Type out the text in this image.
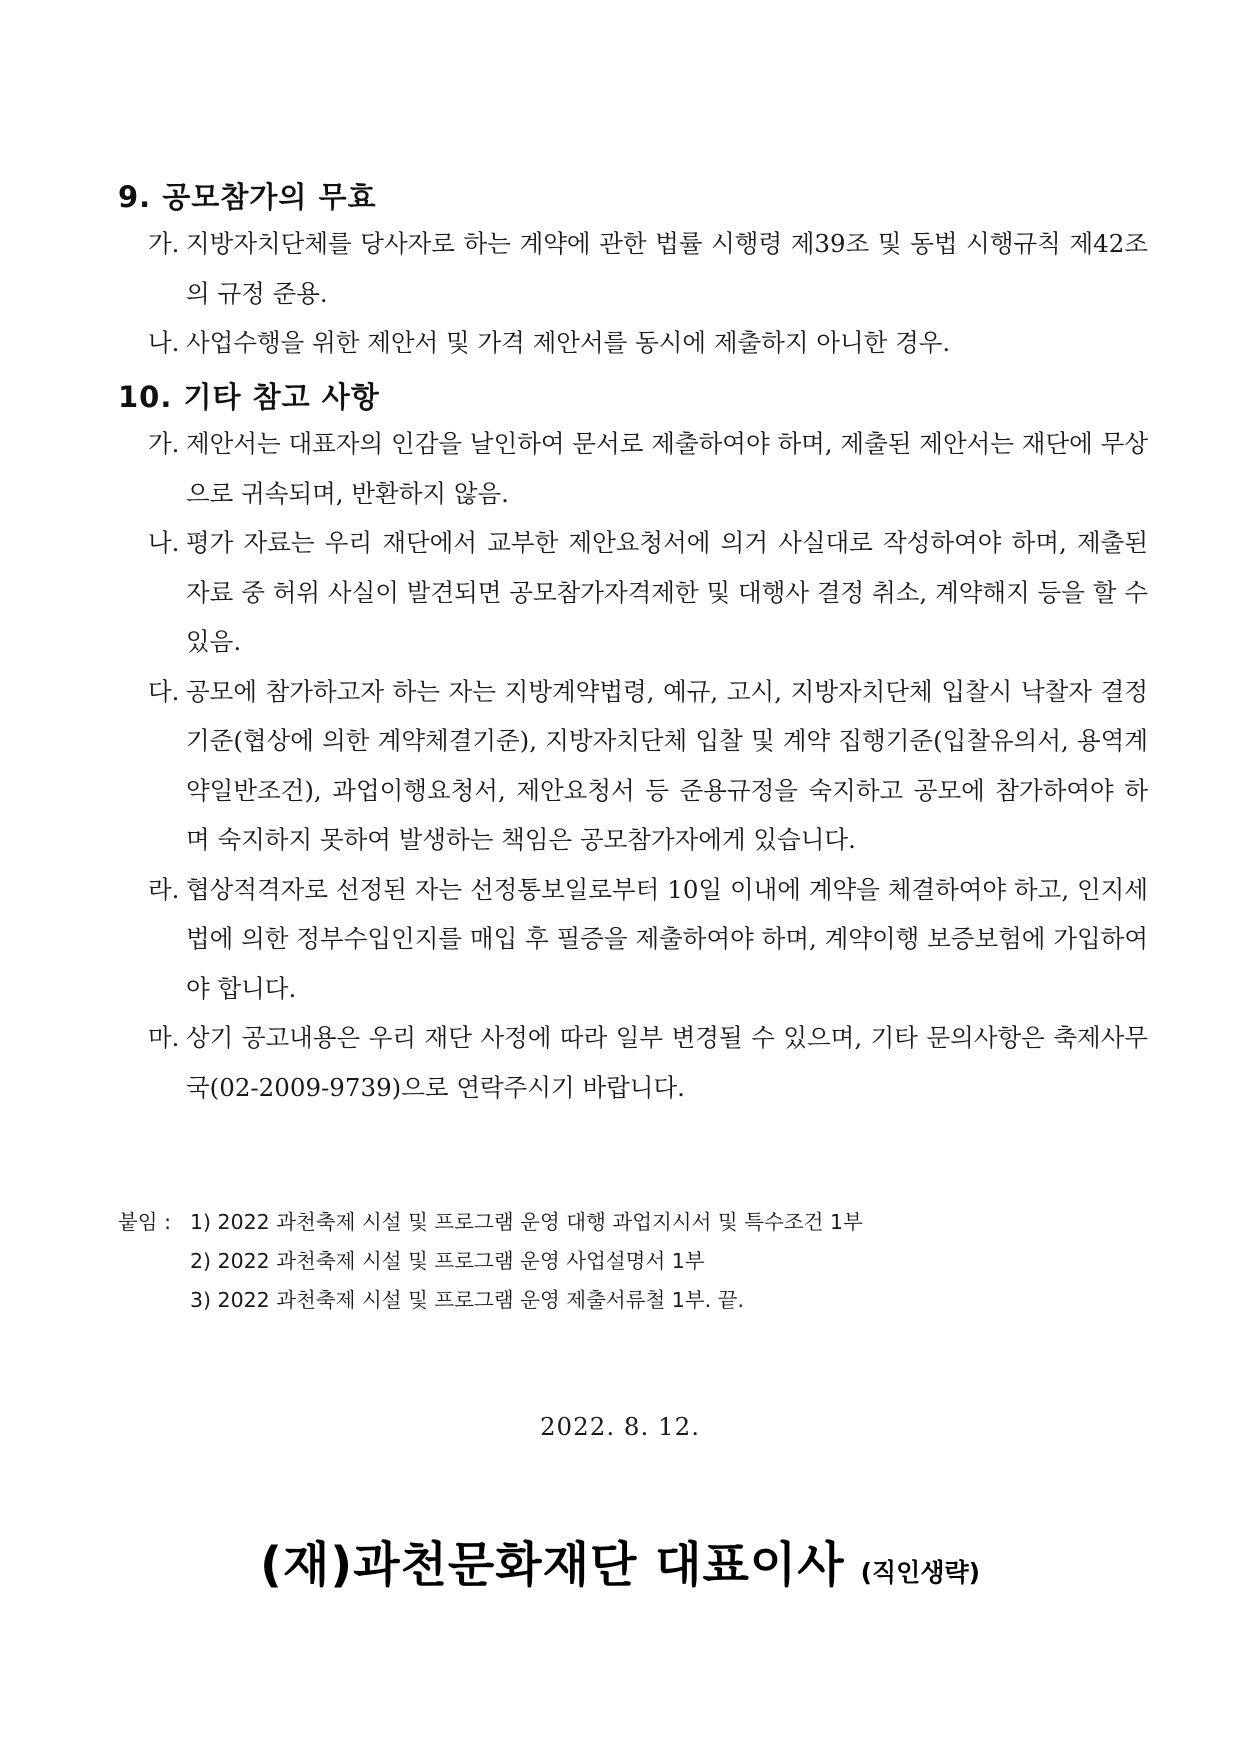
9. 공모참가의 무효
가. 지방자치단체를 당사자로 하는 계약에 관한 법률 시행령 제39조 및 동법 시행규칙 제42조의 규정 준용.
나. 사업수행을 위한 제안서 및 가격 제안서를 동시에 제출하지 아니한 경우.
10. 기타 참고 사항
가. 제안서는 대표자의 인감을 날인하여 문서로 제출하여야 하며, 제출된 제안서는 재단에 무상으로 귀속되며, 반환하지 않음.
나. 평가 자료는 우리 재단에서 교부한 제안요청서에 의거 사실대로 작성하여야 하며, 제출된 자료 중 허위 사실이 발견되면 공모참가자격제한 및 대행사 결정 취소, 계약해지 등을 할 수 있음.
다. 공모에 참가하고자 하는 자는 지방계약법령, 예규, 고시, 지방자치단체 입찰시 낙찰자 결정 기준(협상에 의한 계약체결기준), 지방자치단체 입찰 및 계약 집행기준(입찰유의서, 용역계약일반조건), 과업이행요청서, 제안요청서 등 준용규정을 숙지하고 공모에 참가하여야 하며 숙지하지 못하여 발생하는 책임은 공모참가자에게 있습니다.
라. 협상적격자로 선정된 자는 선정통보일로부터 10일 이내에 계약을 체결하여야 하고, 인지세법에 의한 정부수입인지를 매입 후 필증을 제출하여야 하며, 계약이행 보증보험에 가입하여야 합니다.
마. 상기 공고내용은 우리 재단 사정에 따라 일부 변경될 수 있으며, 기타 문의사항은 축제사무국(02-2009-9739)으로 연락주시기 바랍니다.
붙임 : 1) 2022 과천축제 시설 및 프로그램 운영 대행 과업지시서 및 특수조건 1부
2) 2022 과천축제 시설 및 프로그램 운영 사업설명서 1부
3) 2022 과천축제 시설 및 프로그램 운영 제출서류철 1부. 끝.
2022. 8. 12.
(재)과천문화재단 대표이사 (직인생략)
